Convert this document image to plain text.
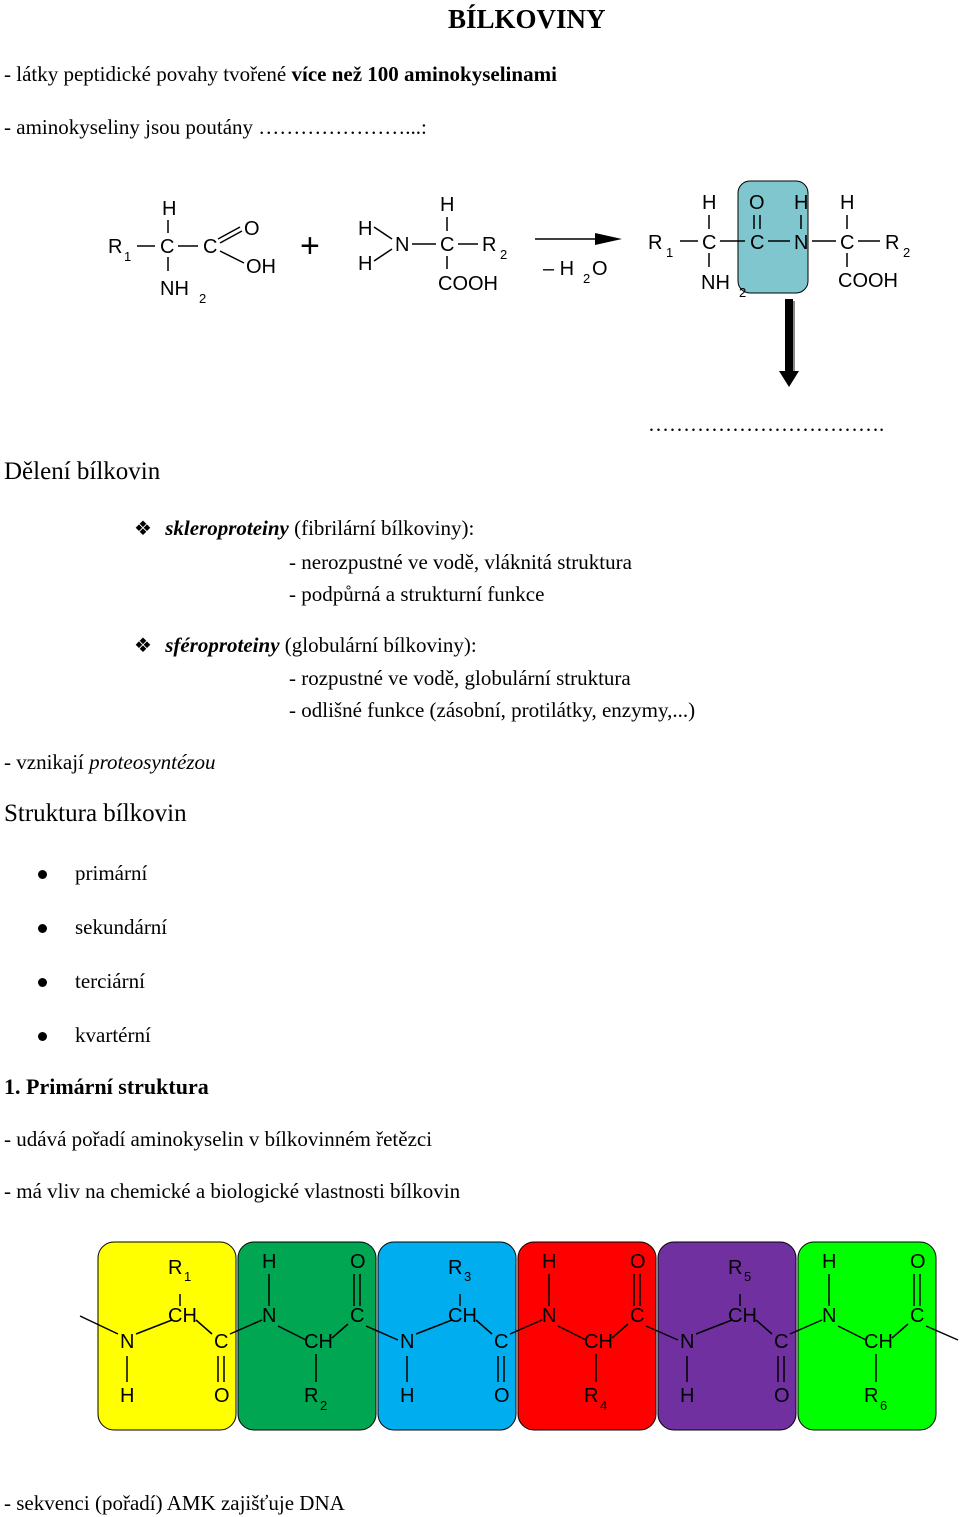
BÍLKOVINY
- látky peptidické povahy tvořené více než 100 aminokyselinami
- aminokyseliny jsou poutány …………………...:
R 1 C
H
NH 2
C
O
OH
+ H
H
N C
H
COOH
R 2
– H 2 O
R 1 C
H
NH 2
C
O
N
H
C
H
COOH
R 2
…………………………….
Dělení bílkovin
❖ skleroproteiny (fibrilární bílkoviny):
- nerozpustné ve vodě, vláknitá struktura
- podpůrná a strukturní funkce
❖ sféroproteiny (globulární bílkoviny):
- rozpustné ve vodě, globulární struktura
- odlišné funkce (zásobní, protilátky, enzymy,...)
- vznikají proteosyntézou
Struktura bílkovin
primární
sekundární
terciární
kvartérní
1. Primární struktura
- udává pořadí aminokyselin v bílkovinném řetězci
- má vliv na chemické a biologické vlastnosti bílkovin
N
H
CH
R 1
C
O
N
H
CH
R 2
C
O
N
H
CH
R 3
C
O
N
H
CH
R 4
C
O
N
H
CH
R 5
C
O
N
H
CH
R 6
C
O
- sekvenci (pořadí) AMK zajišťuje DNA
